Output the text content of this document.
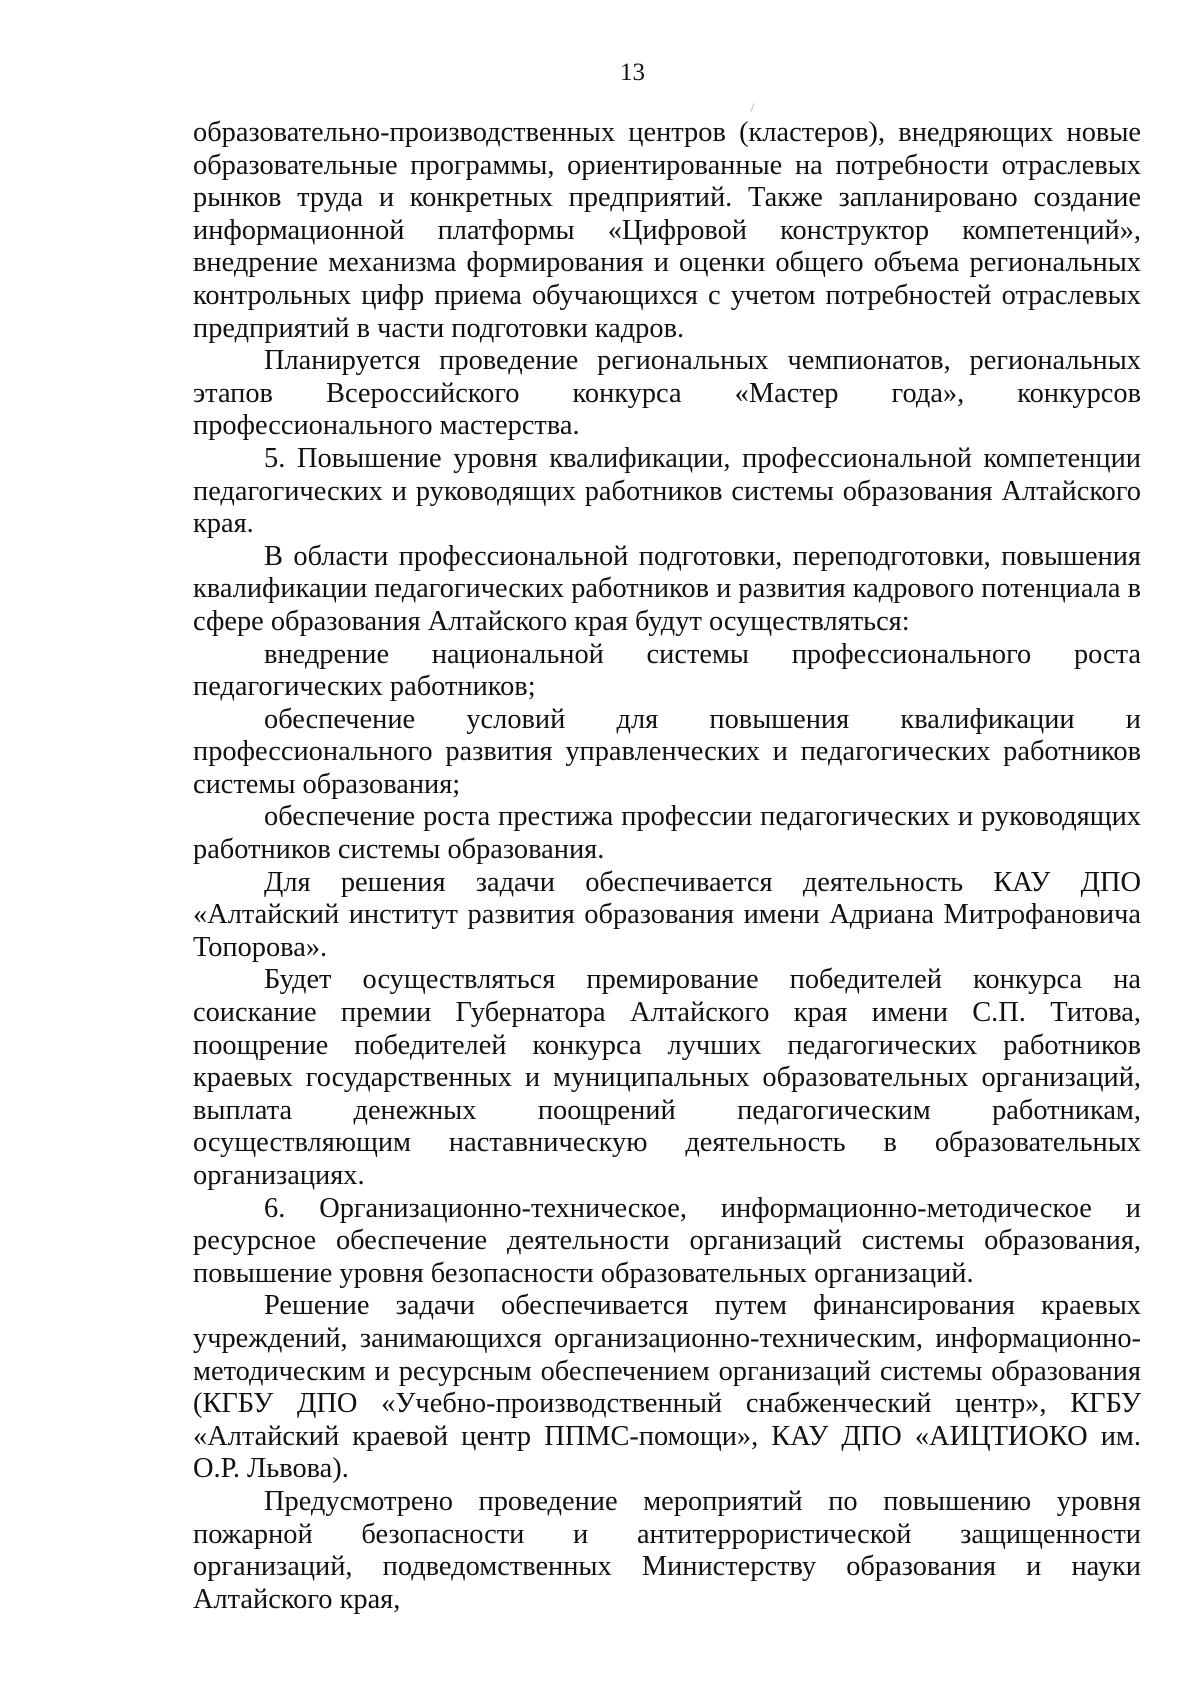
13

образовательно-производственных центров (кластеров), внедряющих новые образовательные программы, ориентированные на потребности отраслевых рынков труда и конкретных предприятий. Также запланировано создание информационной платформы «Цифровой конструктор компетенций», внедрение механизма формирования и оценки общего объема региональных контрольных цифр приема обучающихся с учетом потребностей отраслевых предприятий в части подготовки кадров.

Планируется проведение региональных чемпионатов, региональных этапов Всероссийского конкурса «Мастер года», конкурсов профессионального мастерства.

5. Повышение уровня квалификации, профессиональной компетенции педагогических и руководящих работников системы образования Алтайского края.

В области профессиональной подготовки, переподготовки, повышения квалификации педагогических работников и развития кадрового потенциала в сфере образования Алтайского края будут осуществляться:

внедрение национальной системы профессионального роста педагогических работников;

обеспечение условий для повышения квалификации и профессионального развития управленческих и педагогических работников системы образования;

обеспечение роста престижа профессии педагогических и руководящих работников системы образования.

Для решения задачи обеспечивается деятельность КАУ ДПО «Алтайский институт развития образования имени Адриана Митрофановича Топорова».

Будет осуществляться премирование победителей конкурса на соискание премии Губернатора Алтайского края имени С.П. Титова, поощрение победителей конкурса лучших педагогических работников краевых государственных и муниципальных образовательных организаций, выплата денежных поощрений педагогическим работникам, осуществляющим наставническую деятельность в образовательных организациях.

6. Организационно-техническое, информационно-методическое и ресурсное обеспечение деятельности организаций системы образования, повышение уровня безопасности образовательных организаций.

Решение задачи обеспечивается путем финансирования краевых учреждений, занимающихся организационно-техническим, информационно-методическим и ресурсным обеспечением организаций системы образования (КГБУ ДПО «Учебно-производственный снабженческий центр», КГБУ «Алтайский краевой центр ППМС-помощи», КАУ ДПО «АИЦТИОКО им. О.Р. Львова).

Предусмотрено проведение мероприятий по повышению уровня пожарной безопасности и антитеррористической защищенности организаций, подведомственных Министерству образования и науки Алтайского края,
